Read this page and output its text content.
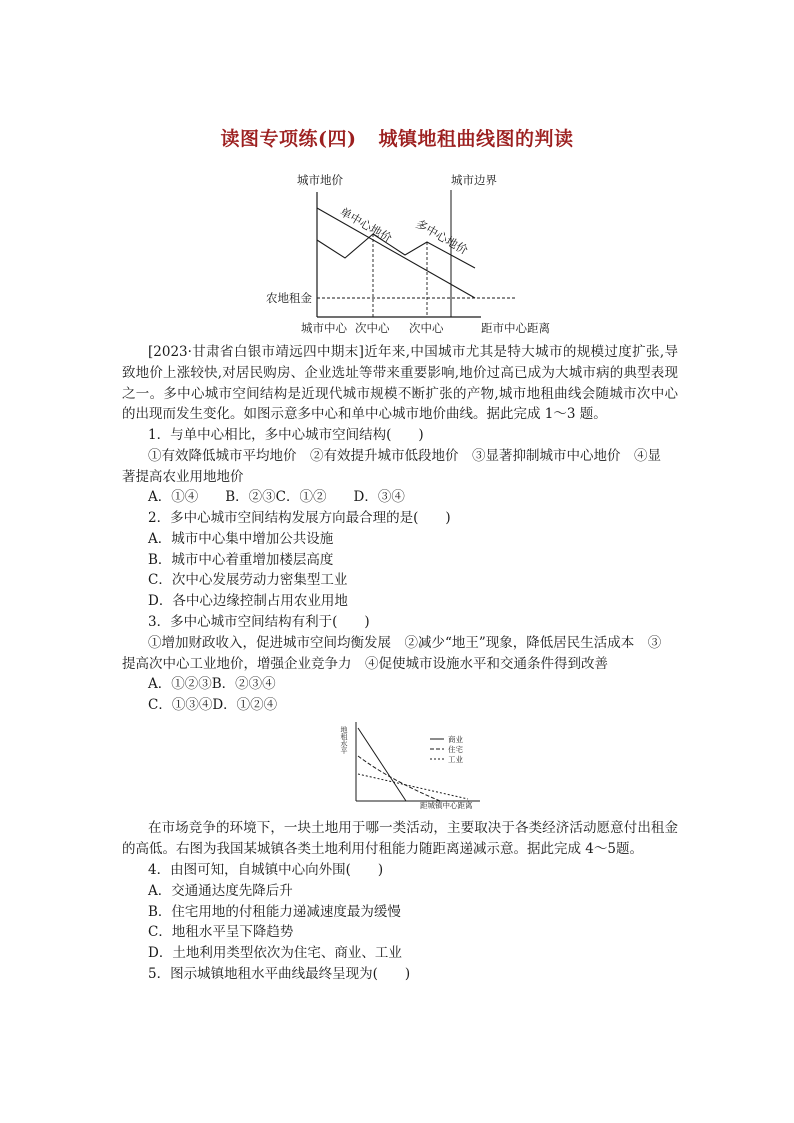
读图专项练(四) 城镇地租曲线图的判读
城市地价	城市边界
农地租金
单中心地价 多中心地价
城市中心 次中心 次中心	距市中心距离
[2023·甘肃省白银市靖远四中期末]近年来,中国城市尤其是特大城市的规模过度扩张,导致地价上涨较快,对居民购房、企业选址等带来重要影响,地价过高已成为大城市病的典型表现之一。多中心城市空间结构是近现代城市规模不断扩张的产物,城市地租曲线会随城市次中心的出现而发生变化。如图示意多中心和单中心城市地价曲线。据此完成 1～3 题。
1．与单中心相比，多中心城市空间结构(　　)
①有效降低城市平均地价　②有效提升城市低段地价　③显著抑制城市中心地价　④显
著提高农业用地地价
A．①④　　B．②③C．①②　　D．③④
2．多中心城市空间结构发展方向最合理的是(　　)
A．城市中心集中增加公共设施
B．城市中心着重增加楼层高度
C．次中心发展劳动力密集型工业
D．各中心边缘控制占用农业用地
3．多中心城市空间结构有利于(　　)
①增加财政收入，促进城市空间均衡发展　②减少“地王”现象，降低居民生活成本　③
提高次中心工业地价，增强企业竞争力　④促使城市设施水平和交通条件得到改善
A．①②③B．②③④
C．①③④D．①②④
地租水平	商业
住宅
工业
距城镇中心距离
在市场竞争的环境下，一块土地用于哪一类活动，主要取决于各类经济活动愿意付出租金的高低。右图为我国某城镇各类土地利用付租能力随距离递减示意。据此完成 4～5题。
4．由图可知，自城镇中心向外围(　　)
A．交通通达度先降后升
B．住宅用地的付租能力递减速度最为缓慢
C．地租水平呈下降趋势
D．土地利用类型依次为住宅、商业、工业
5．图示城镇地租水平曲线最终呈现为(　　)
